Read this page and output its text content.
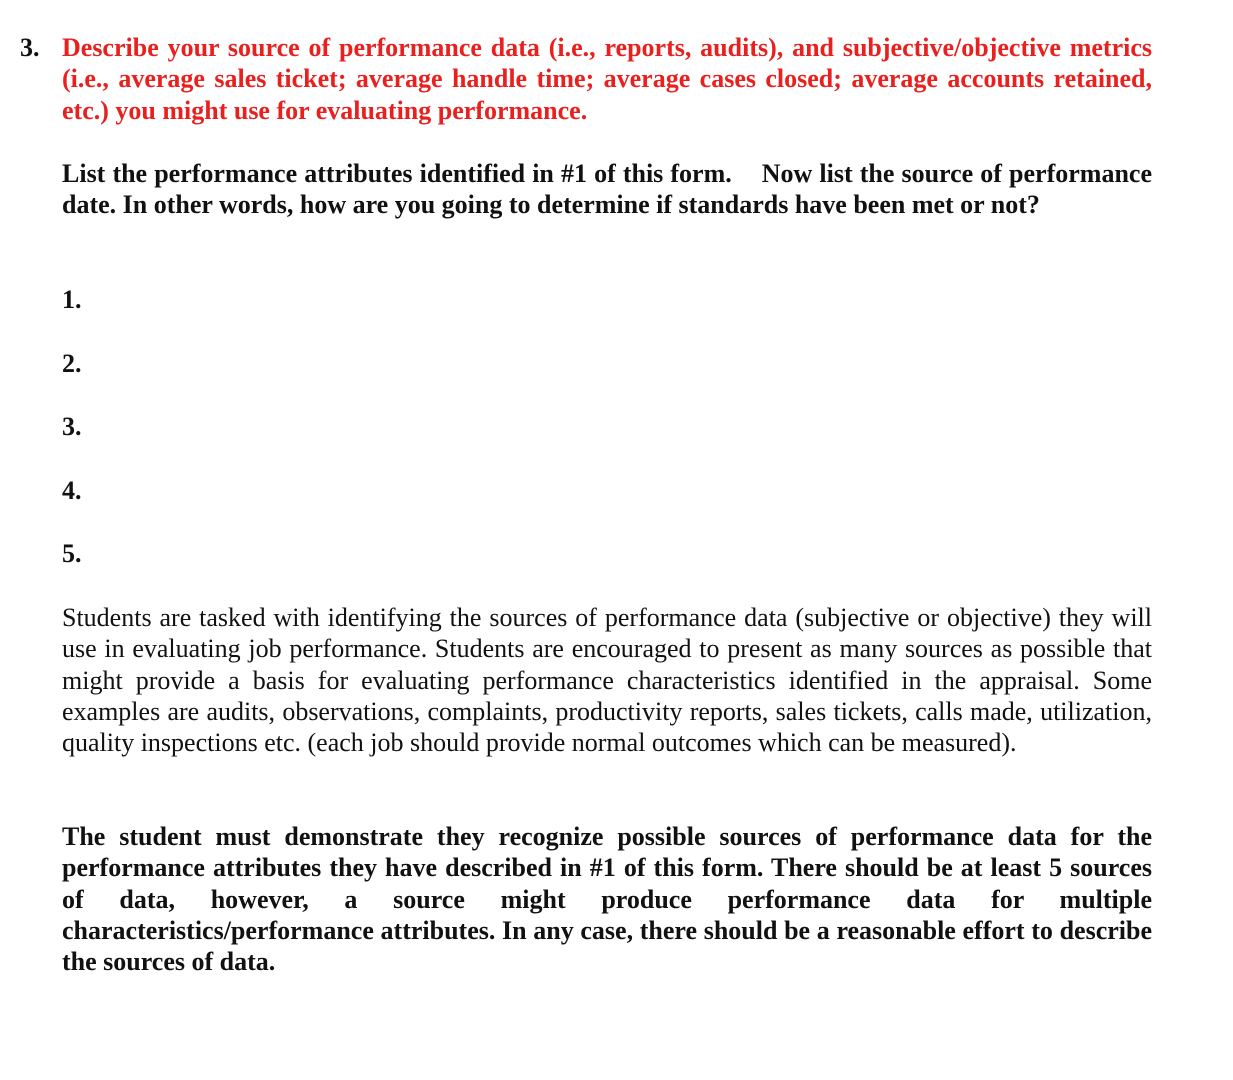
3. Describe your source of performance data (i.e., reports, audits), and subjective/objective metrics (i.e., average sales ticket; average handle time; average cases closed; average accounts retained, etc.) you might use for evaluating performance.
List the performance attributes identified in #1 of this form. Now list the source of performance date. In other words, how are you going to determine if standards have been met or not?
1.
2.
3.
4.
5.
Students are tasked with identifying the sources of performance data (subjective or objective) they will use in evaluating job performance. Students are encouraged to present as many sources as possible that might provide a basis for evaluating performance characteristics identified in the appraisal. Some examples are audits, observations, complaints, productivity reports, sales tickets, calls made, utilization, quality inspections etc. (each job should provide normal outcomes which can be measured).
The student must demonstrate they recognize possible sources of performance data for the performance attributes they have described in #1 of this form. There should be at least 5 sources of data, however, a source might produce performance data for multiple characteristics/performance attributes. In any case, there should be a reasonable effort to describe the sources of data.
